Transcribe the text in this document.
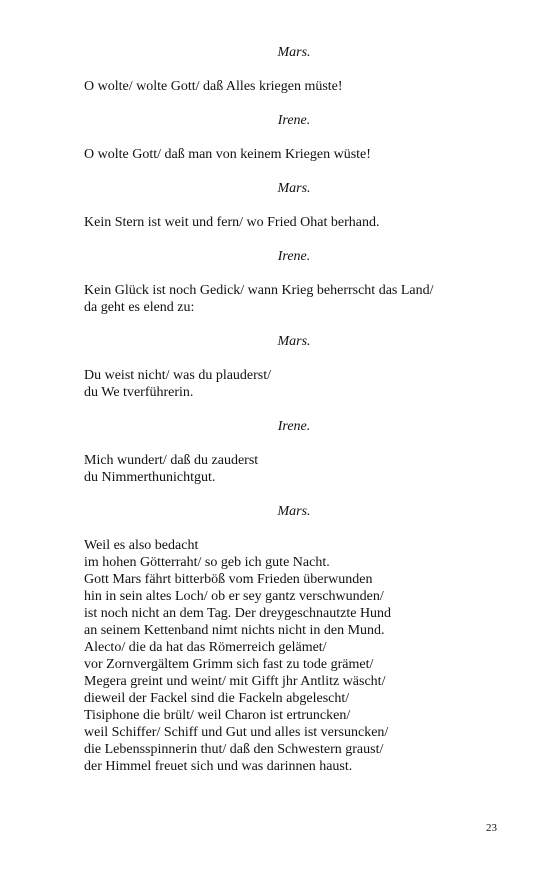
Mars.
O wolte/ wolte Gott/ daß Alles kriegen müste!
Irene.
O wolte Gott/ daß man von keinem Kriegen wüste!
Mars.
Kein Stern ist weit und fern/ wo Fried Ohat berhand.
Irene.
Kein Glück ist noch Gedick/ wann Krieg beherrscht das Land/
da geht es elend zu:
Mars.
Du weist nicht/ was du plauderst/
du We tverführerin.
Irene.
Mich wundert/ daß du zauderst
du Nimmerthunichtgut.
Mars.
Weil es also bedacht
im hohen Götterraht/ so geb ich gute Nacht.
Gott Mars fährt bitterböß vom Frieden überwunden
hin in sein altes Loch/ ob er sey gantz verschwunden/
ist noch nicht an dem Tag. Der dreygeschnautzte Hund
an seinem Kettenband nimt nichts nicht in den Mund.
Alecto/ die da hat das Römerreich gelämet/
vor Zornvergältem Grimm sich fast zu tode grämet/
Megera greint und weint/ mit Gifft jhr Antlitz wäscht/
dieweil der Fackel sind die Fackeln abgelescht/
Tisiphone die brült/ weil Charon ist ertruncken/
weil Schiffer/ Schiff und Gut und alles ist versuncken/
die Lebensspinnerin thut/ daß den Schwestern graust/
der Himmel freuet sich und was darinnen haust.
23
